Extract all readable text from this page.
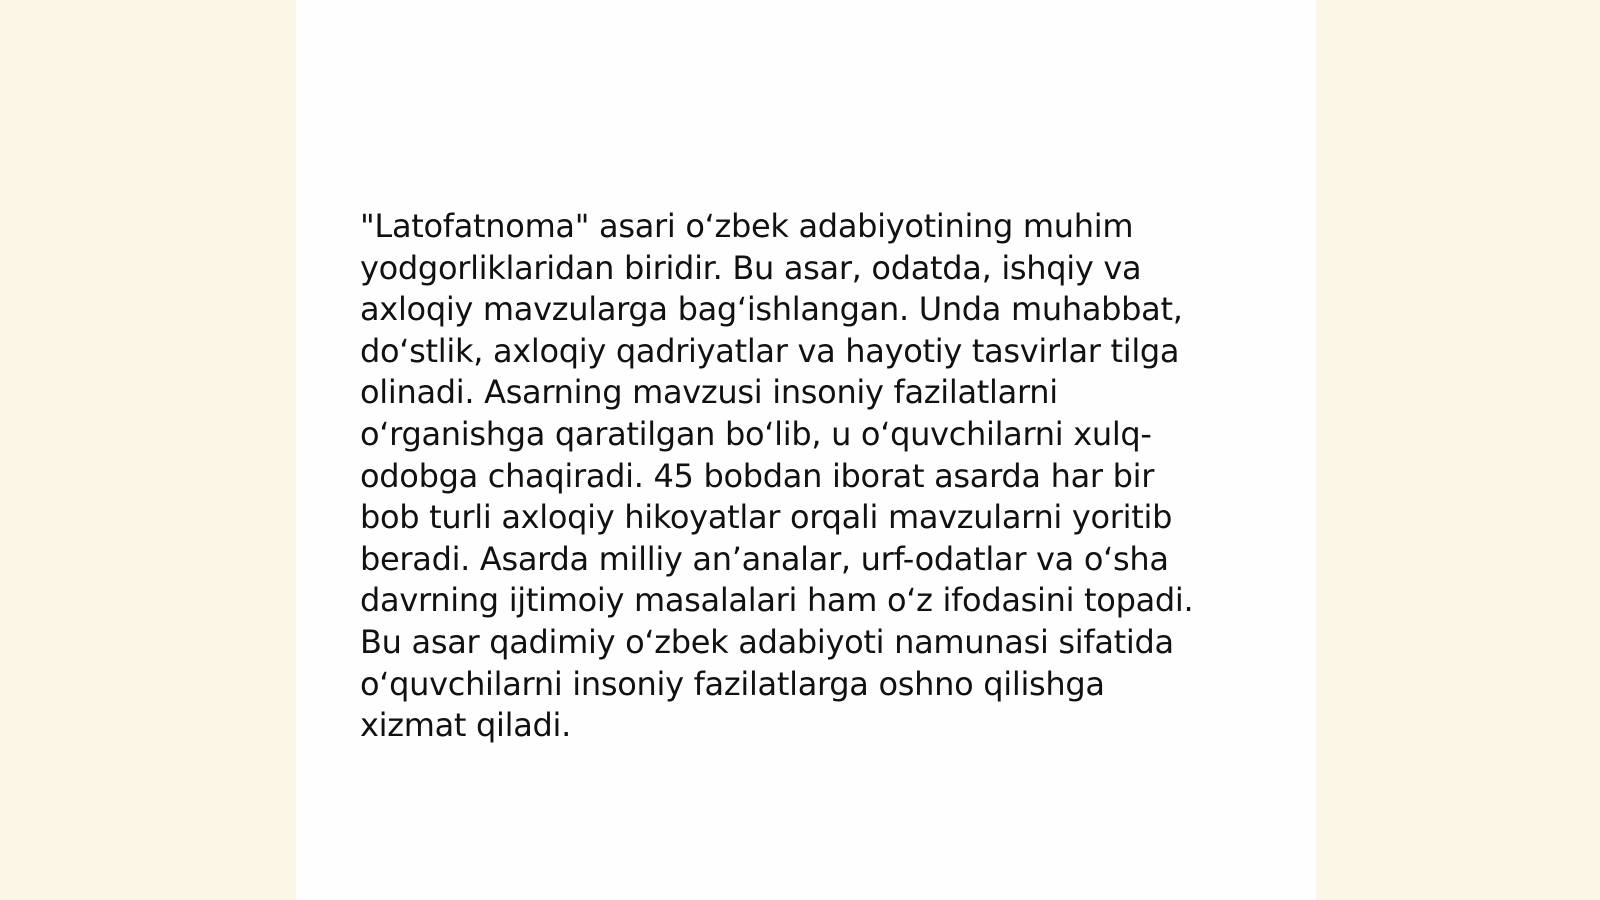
"Latofatnoma" asari o‘zbek adabiyotining muhim
yodgorliklaridan biridir. Bu asar, odatda, ishqiy va
axloqiy mavzularga bag‘ishlangan. Unda muhabbat,
do‘stlik, axloqiy qadriyatlar va hayotiy tasvirlar tilga
olinadi. Asarning mavzusi insoniy fazilatlarni
o‘rganishga qaratilgan bo‘lib, u o‘quvchilarni xulq-
odobga chaqiradi. 45 bobdan iborat asarda har bir
bob turli axloqiy hikoyatlar orqali mavzularni yoritib
beradi. Asarda milliy an’analar, urf-odatlar va o‘sha
davrning ijtimoiy masalalari ham o‘z ifodasini topadi.
Bu asar qadimiy o‘zbek adabiyoti namunasi sifatida
o‘quvchilarni insoniy fazilatlarga oshno qilishga
xizmat qiladi.
